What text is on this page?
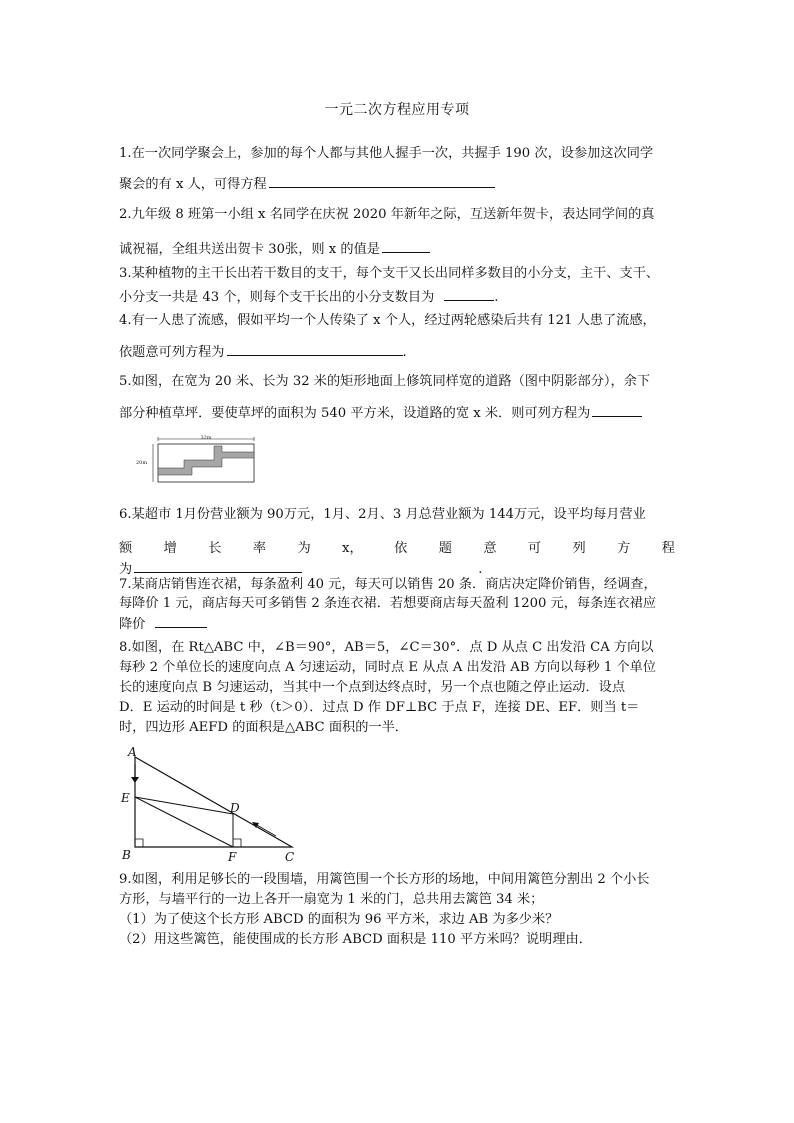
一元二次方程应用专项
1.在一次同学聚会上，参加的每个人都与其他人握手一次，共握手 190 次，设参加这次同学
聚会的有 x 人，可得方程
2.九年级 8 班第一小组 x 名同学在庆祝 2020 年新年之际，互送新年贺卡，表达同学间的真
诚祝福，全组共送出贺卡 30张，则 x 的值是
3.某种植物的主干长出若干数目的支干，每个支干又长出同样多数目的小分支，主干、支干、
小分支一共是 43 个，则每个支干长出的小分支数目为	.
4.有一人患了流感，假如平均一个人传染了 x 个人，经过两轮感染后共有 121 人患了流感，
依题意可列方程为	.
5.如图，在宽为 20 米、长为 32 米的矩形地面上修筑同样宽的道路（图中阴影部分），余下
部分种植草坪．要使草坪的面积为 540 平方米，设道路的宽 x 米．则可列方程为
32m
20m
6.某超市 1月份营业额为 90万元，1月、2月、3 月总营业额为 144万元，设平均每月营业
额 增 长 率 为 x， 依 题 意 可 列 方 程
为	.
7.某商店销售连衣裙，每条盈利 40 元，每天可以销售 20 条．商店决定降价销售，经调查，
每降价 1 元，商店每天可多销售 2 条连衣裙．若想要商店每天盈利 1200 元，每条连衣裙应
降价
8.如图，在 Rt△ABC 中，∠B＝90°，AB＝5，∠C＝30°．点 D 从点 C 出发沿 CA 方向以
每秒 2 个单位长的速度向点 A 匀速运动，同时点 E 从点 A 出发沿 AB 方向以每秒 1 个单位
长的速度向点 B 匀速运动，当其中一个点到达终点时，另一个点也随之停止运动．设点
D．E 运动的时间是 t 秒（t＞0）．过点 D 作 DF⊥BC 于点 F，连接 DE、EF．则当 t＝
时，四边形 AEFD 的面积是△ABC 面积的一半．
A
E
B	F	C
D
9.如图，利用足够长的一段围墙，用篱笆围一个长方形的场地，中间用篱笆分割出 2 个小长
方形，与墙平行的一边上各开一扇宽为 1 米的门，总共用去篱笆 34 米；
（1）为了使这个长方形 ABCD 的面积为 96 平方米，求边 AB 为多少米？
（2）用这些篱笆，能使围成的长方形 ABCD 面积是 110 平方米吗？说明理由．
